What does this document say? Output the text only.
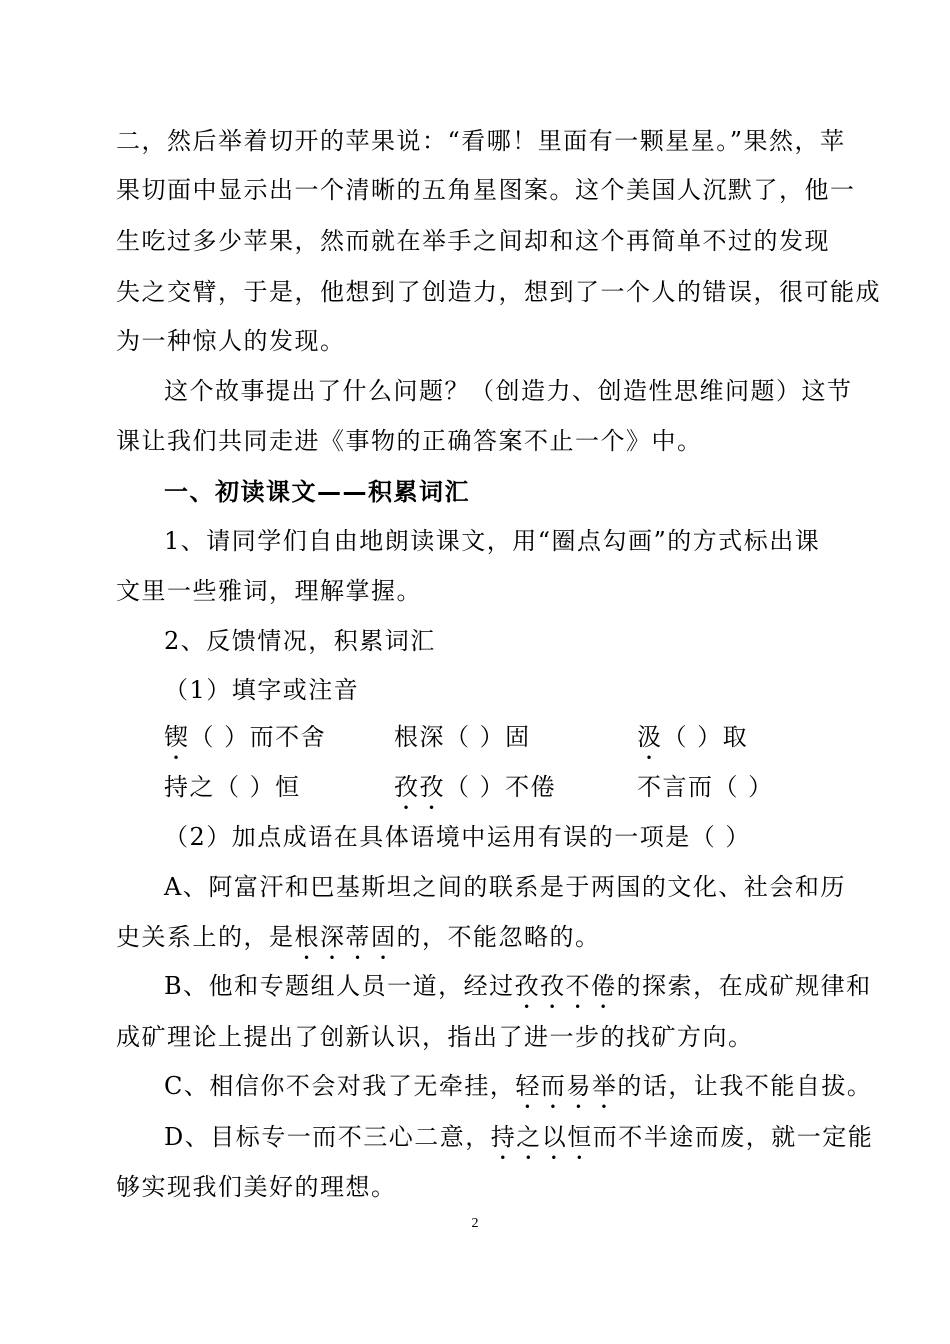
二，然后举着切开的苹果说：“看哪！里面有一颗星星。”果然，苹
果切面中显示出一个清晰的五角星图案。这个美国人沉默了，他一
生吃过多少苹果，然而就在举手之间却和这个再简单不过的发现
失之交臂，于是，他想到了创造力，想到了一个人的错误，很可能成
为一种惊人的发现。
这个故事提出了什么问题？（创造力、创造性思维问题）这节
课让我们共同走进《事物的正确答案不止一个》中。
一、初读课文——积累词汇
1、请同学们自由地朗读课文，用“圈点勾画”的方式标出课
文里一些雅词，理解掌握。
2、反馈情况，积累词汇
（1）填字或注音
锲（ ）而不舍	根深（ ）固	汲（ ）取
持之（ ）恒	孜孜（ ）不倦	不言而（ ）
（2）加点成语在具体语境中运用有误的一项是（ ）
A、阿富汗和巴基斯坦之间的联系是于两国的文化、社会和历
史关系上的，是根深蒂固的，不能忽略的。
B、他和专题组人员一道，经过孜孜不倦的探索，在成矿规律和
成矿理论上提出了创新认识，指出了进一步的找矿方向。
C、相信你不会对我了无牵挂，轻而易举的话，让我不能自拔。
D、目标专一而不三心二意，持之以恒而不半途而废，就一定能
够实现我们美好的理想。
2
